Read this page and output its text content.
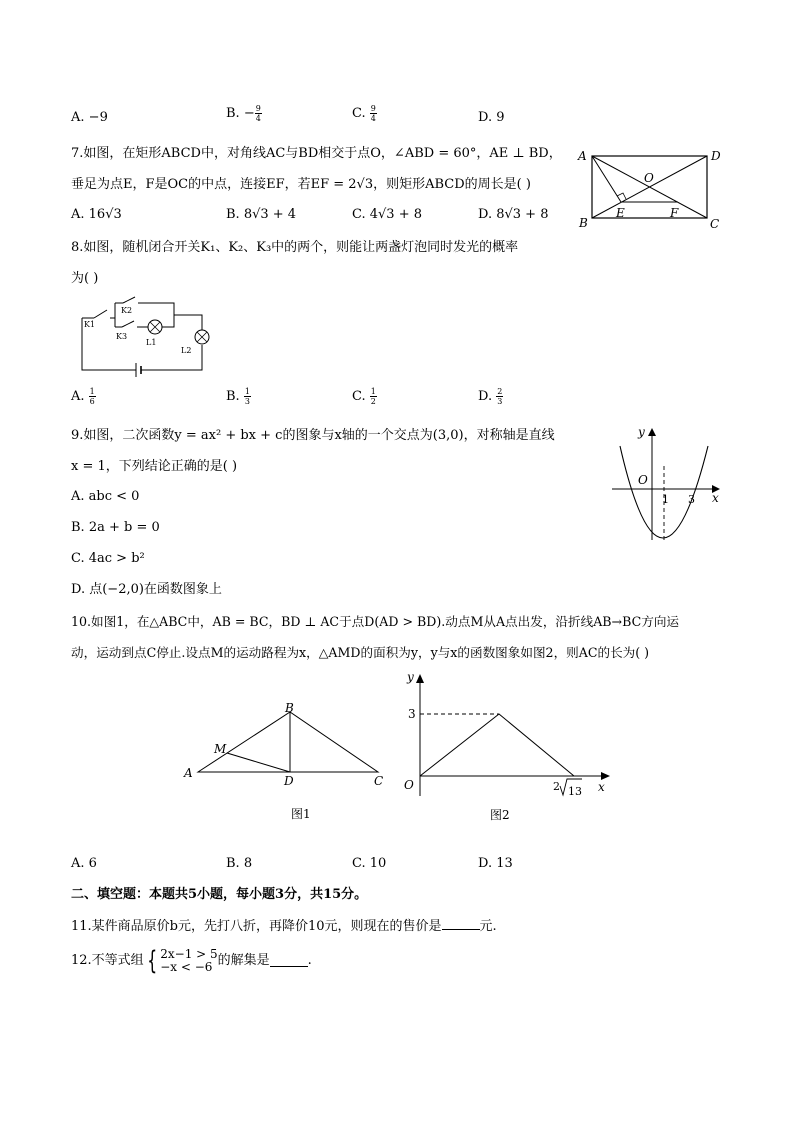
A. −9	B. − $\frac{9}{4}$	C. $\frac{9}{4}$	D. 9
7.如图，在矩形ABCD中，对角线AC与BD相交于点O，∠ABD = 60°，AE ⊥ BD，
垂足为点E，F是OC的中点，连接EF，若EF = 2√3，则矩形ABCD的周长是( )
A. 16√3	B. 8√3 + 4	C. 4√3 + 8	D. 8√3 + 8
A	D
B	C
O
E	F
8.如图，随机闭合开关K₁、K₂、K₃中的两个，则能让两盏灯泡同时发光的概率
为( )
K1
K2
K3
L1
L2
A. $\frac{1}{6}$	B. $\frac{1}{3}$	C. $\frac{1}{2}$	D. $\frac{2}{3}$
9.如图，二次函数y = ax² + bx + c的图象与x轴的一个交点为(3,0)，对称轴是直线
x = 1，下列结论正确的是( )
A. abc < 0
B. 2a + b = 0
C. 4ac > b²
D. 点(−2,0)在函数图象上
y
x
O
1 3
10.如图1，在△ABC中，AB = BC，BD ⊥ AC于点D(AD > BD).动点M从A点出发，沿折线AB→BC方向运
动，运动到点C停止.设点M的运动路程为x，△AMD的面积为y，y与x的函数图象如图2，则AC的长为( )
A
B
C
D
M
图1
y
x
O
3
2 13
图2
A. 6	B. 8	C. 10	D. 13
二、填空题：本题共5小题，每小题3分，共15分。
11.某件商品原价b元，先打八折，再降价10元，则现在的售价是	元.
12.不等式组 { 2x−1 > 5
−x < −6 的解集是	.
